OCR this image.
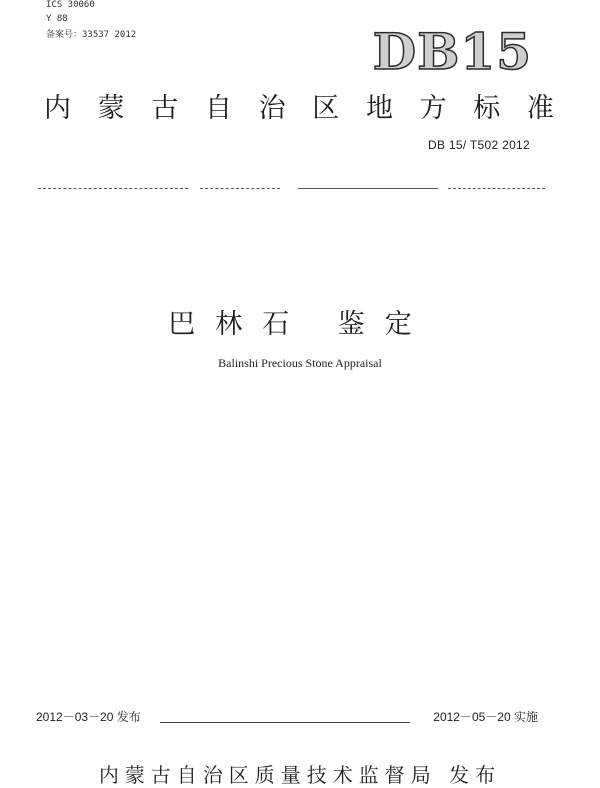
ICS 30060
Y 88
备案号：33537 2012	DB15
内 蒙 古 自 治 区 地 方 标 准
DB 15/ T502 2012
巴林石 鉴定
Balinshi Precious Stone Appraisal
2012－03－20 发布	2012－05－20 实施
内蒙古自治区质量技术监督局 发布
